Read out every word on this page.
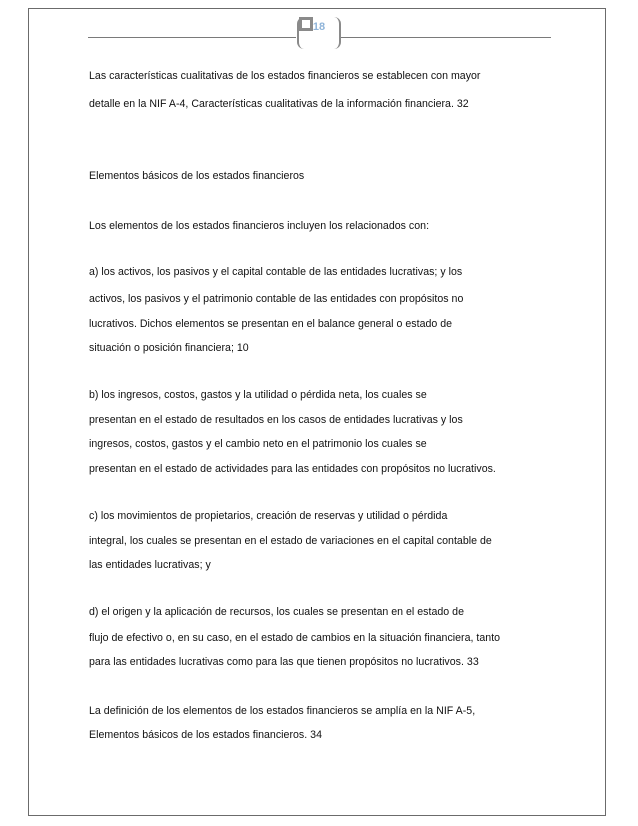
18
Las características cualitativas de los estados financieros se establecen con mayor
detalle en la NIF A-4, Características cualitativas de la información financiera. 32
Elementos básicos de los estados financieros
Los elementos de los estados financieros incluyen los relacionados con:
a) los activos, los pasivos y el capital contable de las entidades lucrativas; y los
activos, los pasivos y el patrimonio contable de las entidades con propósitos no
lucrativos. Dichos elementos se presentan en el balance general o estado de
situación o posición financiera; 10
b) los ingresos, costos, gastos y la utilidad o pérdida neta, los cuales se
presentan en el estado de resultados en los casos de entidades lucrativas y los
ingresos, costos, gastos y el cambio neto en el patrimonio los cuales se
presentan en el estado de actividades para las entidades con propósitos no lucrativos.
c) los movimientos de propietarios, creación de reservas y utilidad o pérdida
integral, los cuales se presentan en el estado de variaciones en el capital contable de
las entidades lucrativas; y
d) el origen y la aplicación de recursos, los cuales se presentan en el estado de
flujo de efectivo o, en su caso, en el estado de cambios en la situación financiera, tanto
para las entidades lucrativas como para las que tienen propósitos no lucrativos. 33
La definición de los elementos de los estados financieros se amplía en la NIF A-5,
Elementos básicos de los estados financieros. 34
